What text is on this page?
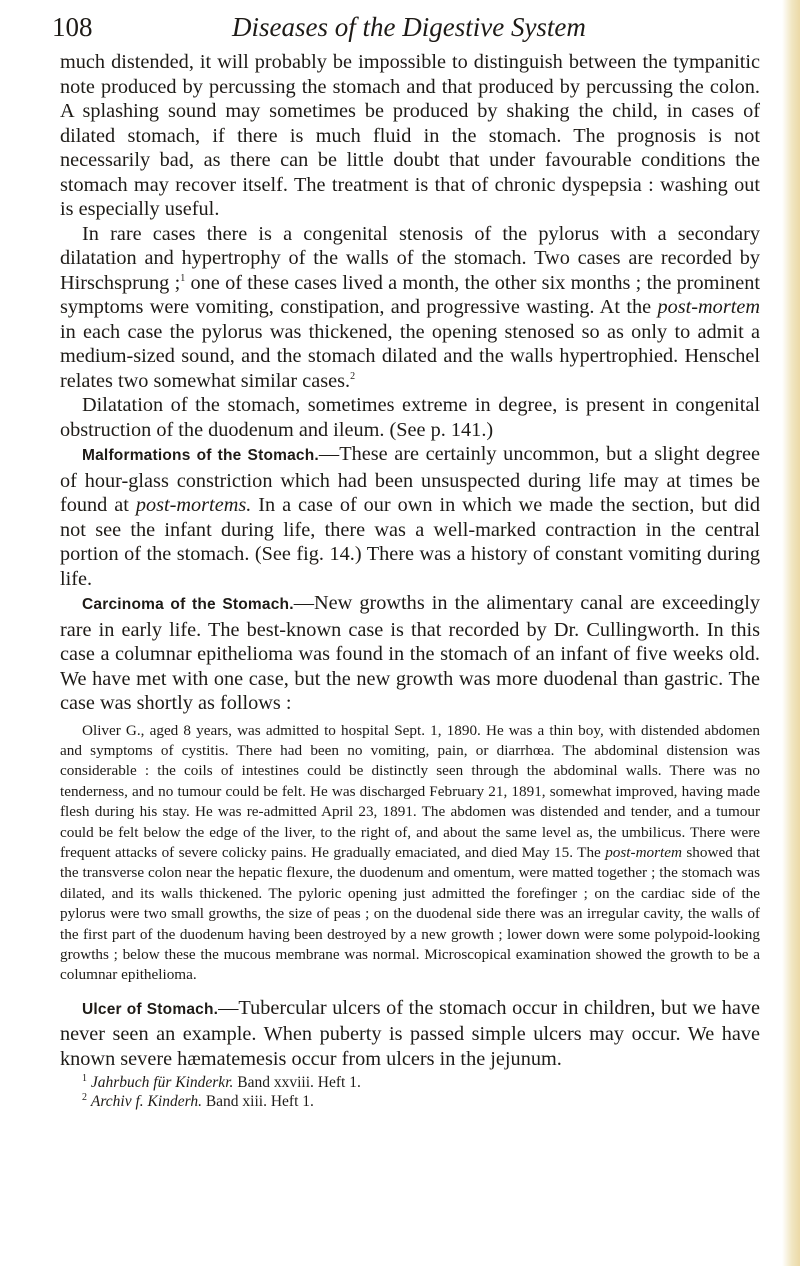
108	Diseases of the Digestive System

much distended, it will probably be impossible to distinguish between the tympanitic note produced by percussing the stomach and that produced by percussing the colon. A splashing sound may sometimes be produced by shaking the child, in cases of dilated stomach, if there is much fluid in the stomach. The prognosis is not necessarily bad, as there can be little doubt that under favourable conditions the stomach may recover itself. The treatment is that of chronic dyspepsia : washing out is especially useful.

In rare cases there is a congenital stenosis of the pylorus with a secondary dilatation and hypertrophy of the walls of the stomach. Two cases are recorded by Hirschsprung ;$^1$ one of these cases lived a month, the other six months ; the prominent symptoms were vomiting, constipation, and progressive wasting. At the post-mortem in each case the pylorus was thickened, the opening stenosed so as only to admit a medium-sized sound, and the stomach dilated and the walls hypertrophied. Henschel relates two somewhat similar cases.$^2$

Dilatation of the stomach, sometimes extreme in degree, is present in congenital obstruction of the duodenum and ileum. (See p. 141.)

Malformations of the Stomach.—These are certainly uncommon, but a slight degree of hour-glass constriction which had been unsuspected during life may at times be found at post-mortems. In a case of our own in which we made the section, but did not see the infant during life, there was a well-marked contraction in the central portion of the stomach. (See fig. 14.) There was a history of constant vomiting during life.

Carcinoma of the Stomach.—New growths in the alimentary canal are exceedingly rare in early life. The best-known case is that recorded by Dr. Cullingworth. In this case a columnar epithelioma was found in the stomach of an infant of five weeks old. We have met with one case, but the new growth was more duodenal than gastric. The case was shortly as follows :

Oliver G., aged 8 years, was admitted to hospital Sept. 1, 1890. He was a thin boy, with distended abdomen and symptoms of cystitis. There had been no vomiting, pain, or diarrhœa. The abdominal distension was considerable : the coils of intestines could be distinctly seen through the abdominal walls. There was no tenderness, and no tumour could be felt. He was discharged February 21, 1891, somewhat improved, having made flesh during his stay. He was re-admitted April 23, 1891. The abdomen was distended and tender, and a tumour could be felt below the edge of the liver, to the right of, and about the same level as, the umbilicus. There were frequent attacks of severe colicky pains. He gradually emaciated, and died May 15. The post-mortem showed that the transverse colon near the hepatic flexure, the duodenum and omentum, were matted together ; the stomach was dilated, and its walls thickened. The pyloric opening just admitted the forefinger ; on the cardiac side of the pylorus were two small growths, the size of peas ; on the duodenal side there was an irregular cavity, the walls of the first part of the duodenum having been destroyed by a new growth ; lower down were some polypoid-looking growths ; below these the mucous membrane was normal. Microscopical examination showed the growth to be a columnar epithelioma.

Ulcer of Stomach.—Tubercular ulcers of the stomach occur in children, but we have never seen an example. When puberty is passed simple ulcers may occur. We have known severe hæmatemesis occur from ulcers in the jejunum.

$^1$ Jahrbuch für Kinderkr. Band xxviii. Heft 1.
$^2$ Archiv f. Kinderh. Band xiii. Heft 1.
